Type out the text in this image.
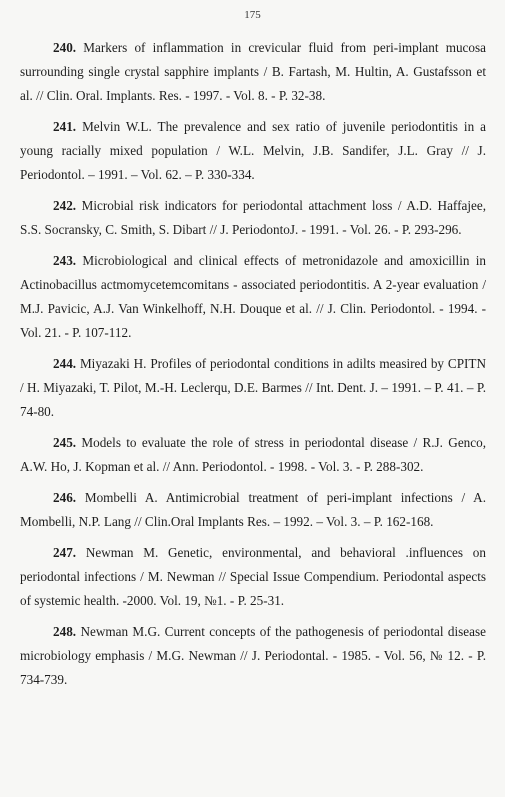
175

240. Markers of inflammation in crevicular fluid from peri-implant mucosa surrounding single crystal sapphire implants / B. Fartash, M. Hultin, A. Gustafsson et al. // Clin. Oral. Implants. Res. - 1997. - Vol. 8. - P. 32-38.

241. Melvin W.L. The prevalence and sex ratio of juvenile periodontitis in a young racially mixed population / W.L. Melvin, J.B. Sandifer, J.L. Gray // J. Periodontol. – 1991. – Vol. 62. – P. 330-334.

242. Microbial risk indicators for periodontal attachment loss / A.D. Haffajee, S.S. Socransky, C. Smith, S. Dibart // J. PeriodontoJ. - 1991. - Vol. 26. - P. 293-296.

243. Microbiological and clinical effects of metronidazole and amoxicillin in Actinobacillus actmomycetemcomitans - associated periodontitis. A 2-year evaluation / M.J. Pavicic, A.J. Van Winkelhoff, N.H. Douque et al. // J. Clin. Periodontol. - 1994. - Vol. 21. - P. 107-112.

244. Miyazaki H. Profiles of periodontal conditions in adilts measired by CPITN / H. Miyazaki, T. Pilot, M.-H. Leclerqu, D.E. Barmes // Int. Dent. J. – 1991. – P. 41. – P. 74-80.

245. Models to evaluate the role of stress in periodontal disease / R.J. Genco, A.W. Ho, J. Kopman et al. // Ann. Periodontol. - 1998. - Vol. 3. - P. 288-302.

246. Mombelli A. Antimicrobial treatment of peri-implant infections / A. Mombelli, N.P. Lang // Clin.Oral Implants Res. – 1992. – Vol. 3. – P. 162-168.

247. Newman M. Genetic, environmental, and behavioral .influences on periodontal infections / M. Newman // Special Issue Compendium. Periodontal aspects of systemic health. -2000. Vol. 19, №1. - P. 25-31.

248. Newman M.G. Current concepts of the pathogenesis of periodontal disease microbiology emphasis / M.G. Newman // J. Periodontal. - 1985. - Vol. 56, № 12. - P. 734-739.
